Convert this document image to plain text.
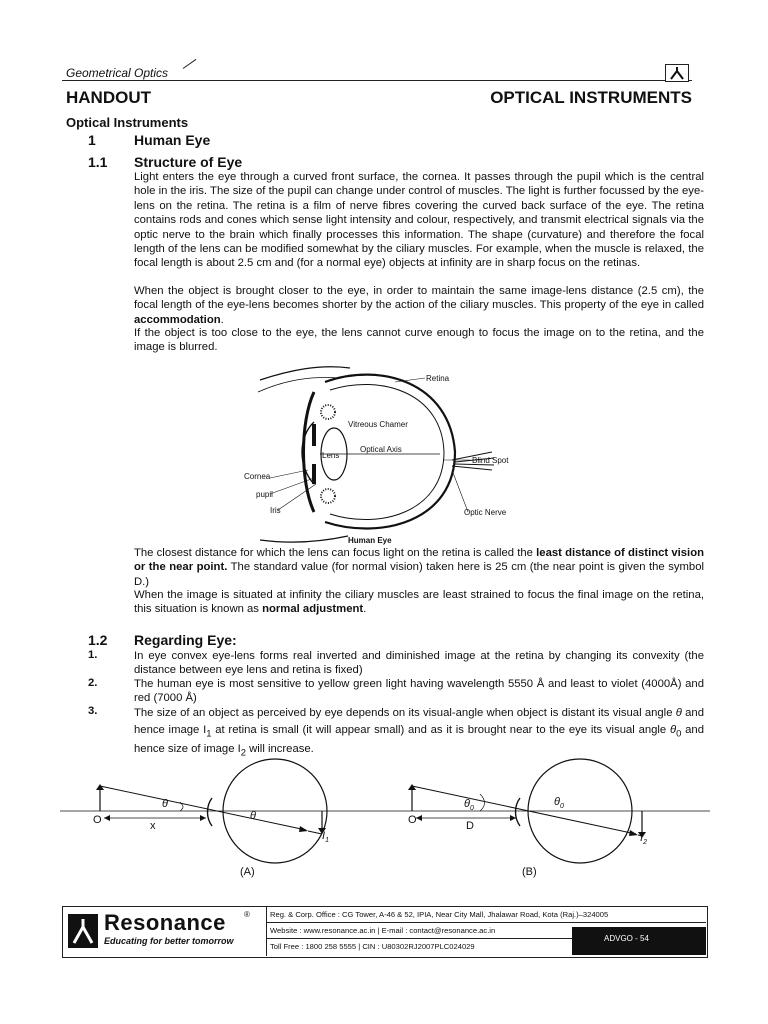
Geometrical Optics
HANDOUT	OPTICAL INSTRUMENTS
Optical Instruments
1	Human Eye
1.1 Structure of Eye
Light enters the eye through a curved front surface, the cornea. It passes through the pupil which is the central hole in the iris. The size of the pupil can change under control of muscles. The light is further focussed by the eye-lens on the retina. The retina is a film of nerve fibres covering the curved back surface of the eye. The retina contains rods and cones which sense light intensity and colour, respectively, and transmit electrical signals via the optic nerve to the brain which finally processes this information. The shape (curvature) and therefore the focal length of the lens can be modified somewhat by the ciliary muscles. For example, when the muscle is relaxed, the focal length is about 2.5 cm and (for a normal eye) objects at infinity are in sharp focus on the retinas.
When the object is brought closer to the eye, in order to maintain the same image-lens distance (2.5 cm), the focal length of the eye-lens becomes shorter by the action of the ciliary muscles. This property of the eye in called accommodation.
If the object is too close to the eye, the lens cannot curve enough to focus the image on to the retina, and the image is blurred.
Retina
Vitreous Chamer
Optical Axis
Lens
Blind Spot
Cornea
pupil
Iris	Optic Nerve
Human Eye
The closest distance for which the lens can focus light on the retina is called the least distance of distinct vision or the near point. The standard value (for normal vision) taken here is 25 cm (the near point is given the symbol D.)
When the image is situated at infinity the ciliary muscles are least strained to focus the final image on the retina, this situation is known as normal adjustment.
1.2 Regarding Eye:
1.	In eye convex eye-lens forms real inverted and diminished image at the retina by changing its convexity (the distance between eye lens and retina is fixed)
2.	The human eye is most sensitive to yellow green light having wavelength 5550 Å and least to violet (4000Å) and red (7000 Å)
3.	The size of an object as perceived by eye depends on its visual-angle when object is distant its visual angle θ and hence image $I_1$ at retina is small (it will appear small) and as it is brought near to the eye its visual angle $\theta_0$ and hence size of image $I_2$ will increase.
O	x
θ
θ
$I_1$
(A)
O	D
$\theta_0$
$\theta_0$
$I_2$
(B)
Resonance ®
Educating for better tomorrow
Reg. & Corp. Office : CG Tower, A-46 & 52, IPIA, Near City Mall, Jhalawar Road, Kota (Raj.)–324005
Website : www.resonance.ac.in | E-mail : contact@resonance.ac.in
Toll Free : 1800 258 5555 | CIN : U80302RJ2007PLC024029
ADVGO - 54
